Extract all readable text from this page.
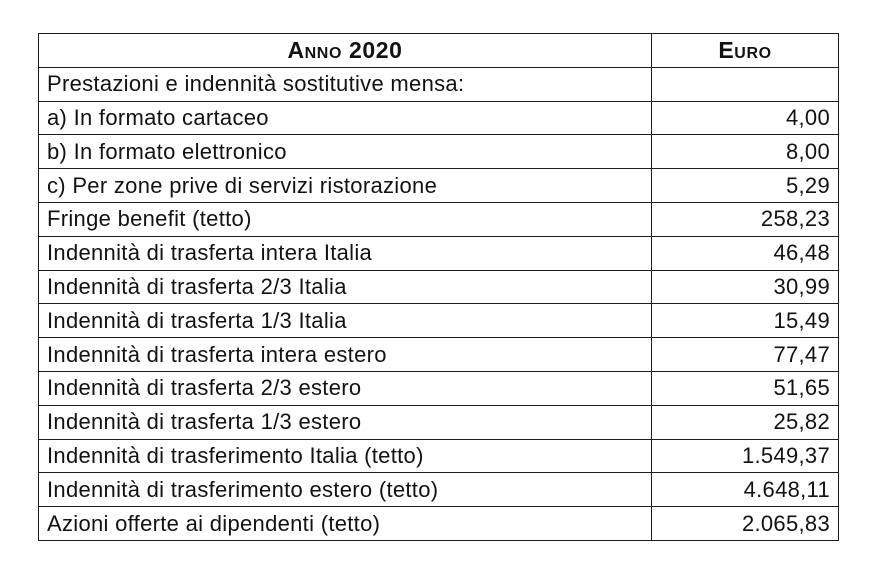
Anno 2020	Euro
Prestazioni e indennità sostitutive mensa:	
a) In formato cartaceo	4,00
b) In formato elettronico	8,00
c) Per zone prive di servizi ristorazione	5,29
Fringe benefit (tetto)	258,23
Indennità di trasferta intera Italia	46,48
Indennità di trasferta 2/3 Italia	30,99
Indennità di trasferta 1/3 Italia	15,49
Indennità di trasferta intera estero	77,47
Indennità di trasferta 2/3 estero	51,65
Indennità di trasferta 1/3 estero	25,82
Indennità di trasferimento Italia (tetto)	1.549,37
Indennità di trasferimento estero (tetto)	4.648,11
Azioni offerte ai dipendenti (tetto)	2.065,83
